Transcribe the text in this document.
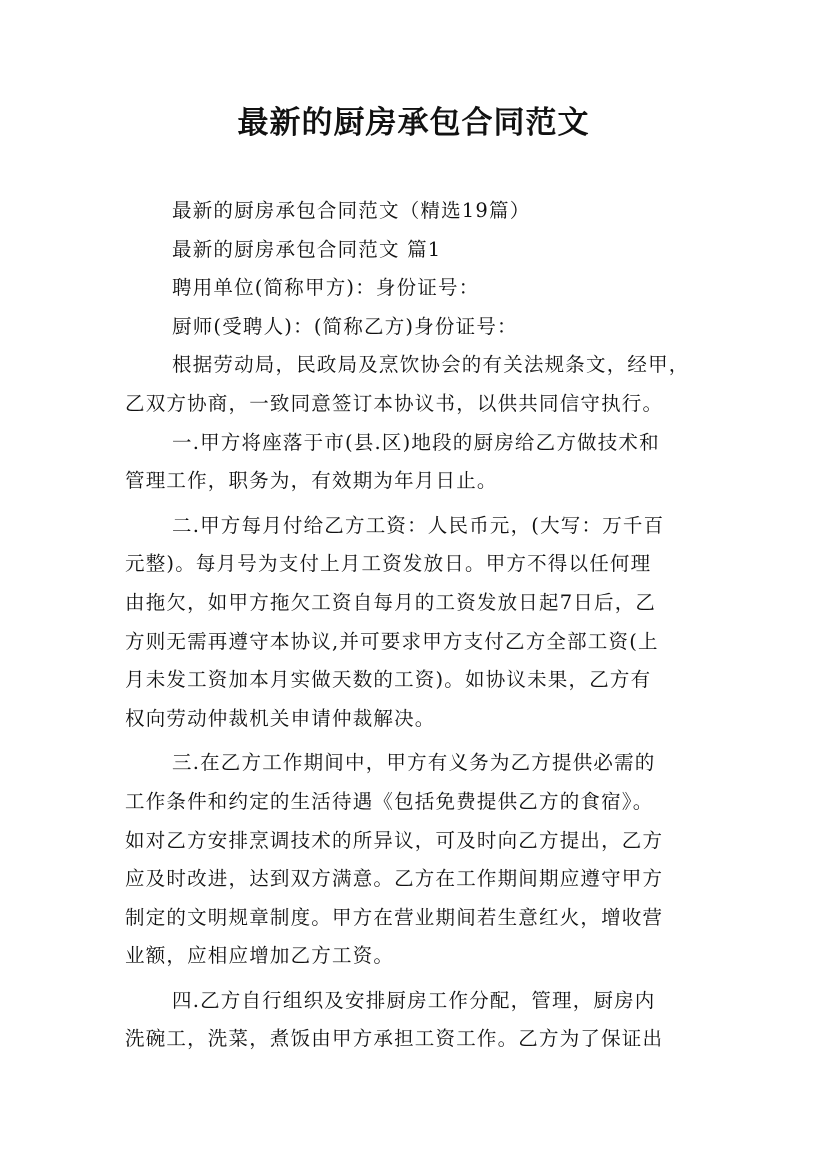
最新的厨房承包合同范文
最新的厨房承包合同范文（精选19篇）
最新的厨房承包合同范文 篇1
聘用单位(简称甲方)：身份证号：
厨师(受聘人)：(简称乙方)身份证号：
根据劳动局，民政局及烹饮协会的有关法规条文，经甲，
乙双方协商，一致同意签订本协议书，以供共同信守执行。
一.甲方将座落于市(县.区)地段的厨房给乙方做技术和
管理工作，职务为，有效期为年月日止。
二.甲方每月付给乙方工资：人民币元，(大写：万千百
元整)。每月号为支付上月工资发放日。甲方不得以任何理
由拖欠，如甲方拖欠工资自每月的工资发放日起7日后，乙
方则无需再遵守本协议,并可要求甲方支付乙方全部工资(上
月未发工资加本月实做天数的工资)。如协议未果，乙方有
权向劳动仲裁机关申请仲裁解决。
三.在乙方工作期间中，甲方有义务为乙方提供必需的
工作条件和约定的生活待遇《包括免费提供乙方的食宿》。
如对乙方安排烹调技术的所异议，可及时向乙方提出，乙方
应及时改进，达到双方满意。乙方在工作期间期应遵守甲方
制定的文明规章制度。甲方在营业期间若生意红火，增收营
业额，应相应增加乙方工资。
四.乙方自行组织及安排厨房工作分配，管理，厨房内
洗碗工，洗菜，煮饭由甲方承担工资工作。乙方为了保证出
